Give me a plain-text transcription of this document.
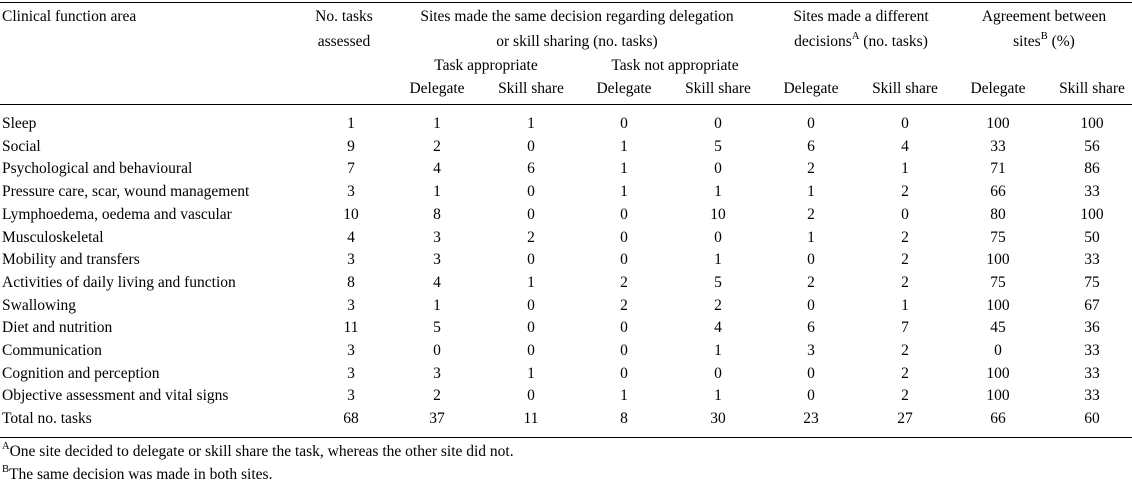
Clinical function area	No. tasks
assessed
Sites made the same decision regarding delegation
or skill sharing (no. tasks)
Task appropriate	Task not appropriate
Sites made a different
decisions$^A$ (no. tasks)
Agreement between
sites$^B$ (%)
Delegate Skill share Delegate Skill share Delegate Skill share Delegate Skill share
Sleep	1	1	1	0	0	0	0	100	100
Social	9	2	0	1	5	6	4	33	56
Psychological and behavioural	7	4	6	1	0	2	1	71	86
Pressure care, scar, wound management	3	1	0	1	1	1	2	66	33
Lymphoedema, oedema and vascular	10	8	0	0	10	2	0	80	100
Musculoskeletal	4	3	2	0	0	1	2	75	50
Mobility and transfers	3	3	0	0	1	0	2	100	33
Activities of daily living and function	8	4	1	2	5	2	2	75	75
Swallowing	3	1	0	2	2	0	1	100	67
Diet and nutrition	11	5	0	0	4	6	7	45	36
Communication	3	0	0	0	1	3	2	0	33
Cognition and perception	3	3	1	0	0	0	2	100	33
Objective assessment and vital signs	3	2	0	1	1	0	2	100	33
Total no. tasks	68	37	11	8	30	23	27	66	60
$^A$One site decided to delegate or skill share the task, whereas the other site did not.
$^B$The same decision was made in both sites.
